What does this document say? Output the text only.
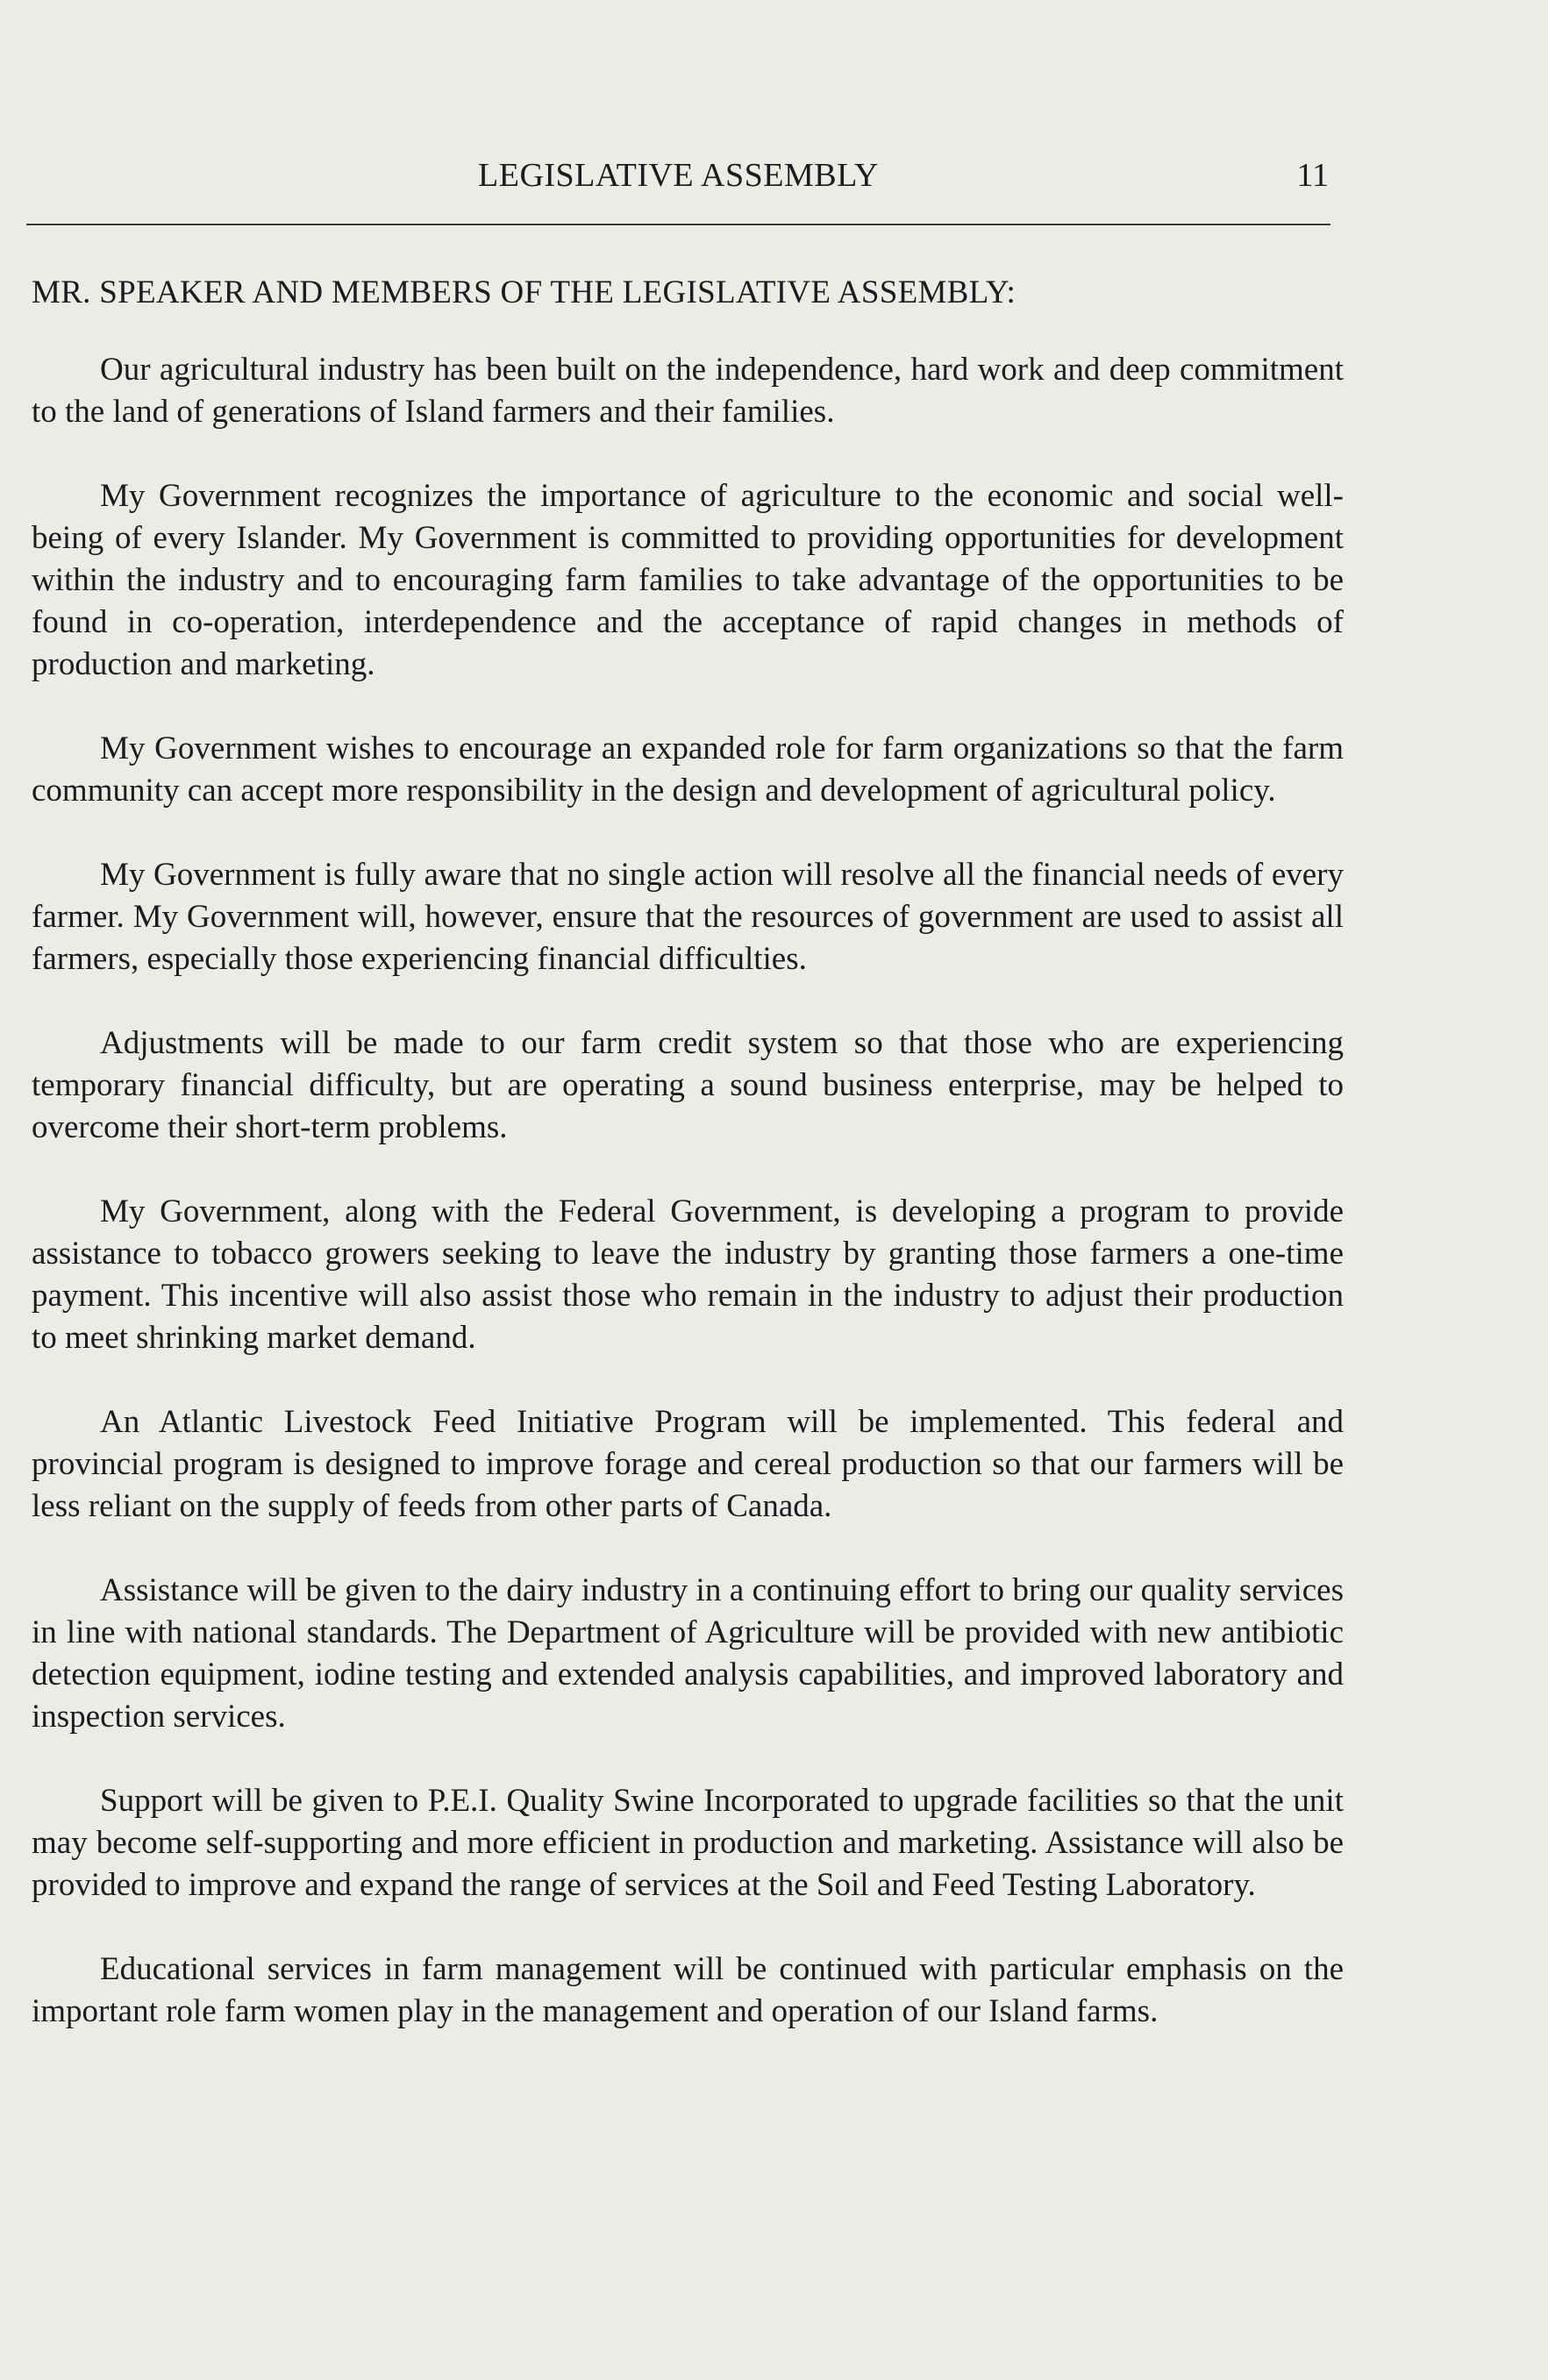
LEGISLATIVE ASSEMBLY	11

MR. SPEAKER AND MEMBERS OF THE LEGISLATIVE ASSEMBLY:

Our agricultural industry has been built on the independence, hard work and deep commitment to the land of generations of Island farmers and their families.

My Government recognizes the importance of agriculture to the economic and social well-being of every Islander. My Government is committed to providing opportunities for development within the industry and to encouraging farm families to take advantage of the opportunities to be found in co-operation, interdependence and the acceptance of rapid changes in methods of production and marketing.

My Government wishes to encourage an expanded role for farm organizations so that the farm community can accept more responsibility in the design and development of agricultural policy.

My Government is fully aware that no single action will resolve all the financial needs of every farmer. My Government will, however, ensure that the resources of government are used to assist all farmers, especially those experiencing financial difficulties.

Adjustments will be made to our farm credit system so that those who are experiencing temporary financial difficulty, but are operating a sound business enterprise, may be helped to overcome their short-term problems.

My Government, along with the Federal Government, is developing a program to provide assistance to tobacco growers seeking to leave the industry by granting those farmers a one-time payment. This incentive will also assist those who remain in the industry to adjust their production to meet shrinking market demand.

An Atlantic Livestock Feed Initiative Program will be implemented. This federal and provincial program is designed to improve forage and cereal production so that our farmers will be less reliant on the supply of feeds from other parts of Canada.

Assistance will be given to the dairy industry in a continuing effort to bring our quality services in line with national standards. The Department of Agriculture will be provided with new antibiotic detection equipment, iodine testing and extended analysis capabilities, and improved laboratory and inspection services.

Support will be given to P.E.I. Quality Swine Incorporated to upgrade facilities so that the unit may become self-supporting and more efficient in production and marketing. Assistance will also be provided to improve and expand the range of services at the Soil and Feed Testing Laboratory.

Educational services in farm management will be continued with particular emphasis on the important role farm women play in the management and operation of our Island farms.
